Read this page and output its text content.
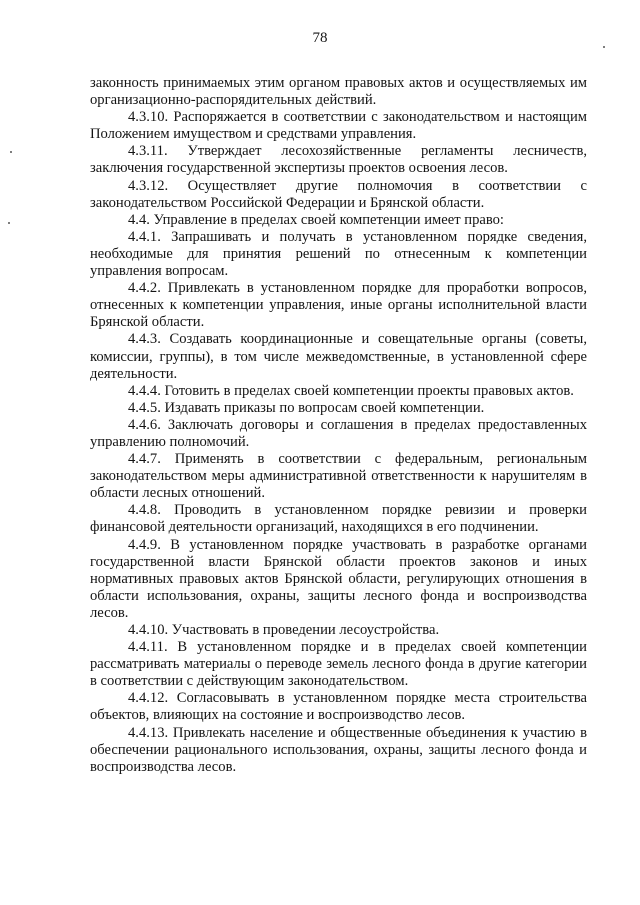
78

законность принимаемых этим органом правовых актов и осуществляемых им организационно-распорядительных действий.

4.3.10. Распоряжается в соответствии с законодательством и настоящим Положением имуществом и средствами управления.

4.3.11. Утверждает лесохозяйственные регламенты лесничеств, заключения государственной экспертизы проектов освоения лесов.

4.3.12. Осуществляет другие полномочия в соответствии с законодательством Российской Федерации и Брянской области.

4.4. Управление в пределах своей компетенции имеет право:

4.4.1. Запрашивать и получать в установленном порядке сведения, необходимые для принятия решений по отнесенным к компетенции управления вопросам.

4.4.2. Привлекать в установленном порядке для проработки вопросов, отнесенных к компетенции управления, иные органы исполнительной власти Брянской области.

4.4.3. Создавать координационные и совещательные органы (советы, комиссии, группы), в том числе межведомственные, в установленной сфере деятельности.

4.4.4. Готовить в пределах своей компетенции проекты правовых актов.

4.4.5. Издавать приказы по вопросам своей компетенции.

4.4.6. Заключать договоры и соглашения в пределах предоставленных управлению полномочий.

4.4.7. Применять в соответствии с федеральным, региональным законодательством меры административной ответственности к нарушителям в области лесных отношений.

4.4.8. Проводить в установленном порядке ревизии и проверки финансовой деятельности организаций, находящихся в его подчинении.

4.4.9. В установленном порядке участвовать в разработке органами государственной власти Брянской области проектов законов и иных нормативных правовых актов Брянской области, регулирующих отношения в области использования, охраны, защиты лесного фонда и воспроизводства лесов.

4.4.10. Участвовать в проведении лесоустройства.

4.4.11. В установленном порядке и в пределах своей компетенции рассматривать материалы о переводе земель лесного фонда в другие категории в соответствии с действующим законодательством.

4.4.12. Согласовывать в установленном порядке места строительства объектов, влияющих на состояние и воспроизводство лесов.

4.4.13. Привлекать население и общественные объединения к участию в обеспечении рационального использования, охраны, защиты лесного фонда и воспроизводства лесов.
